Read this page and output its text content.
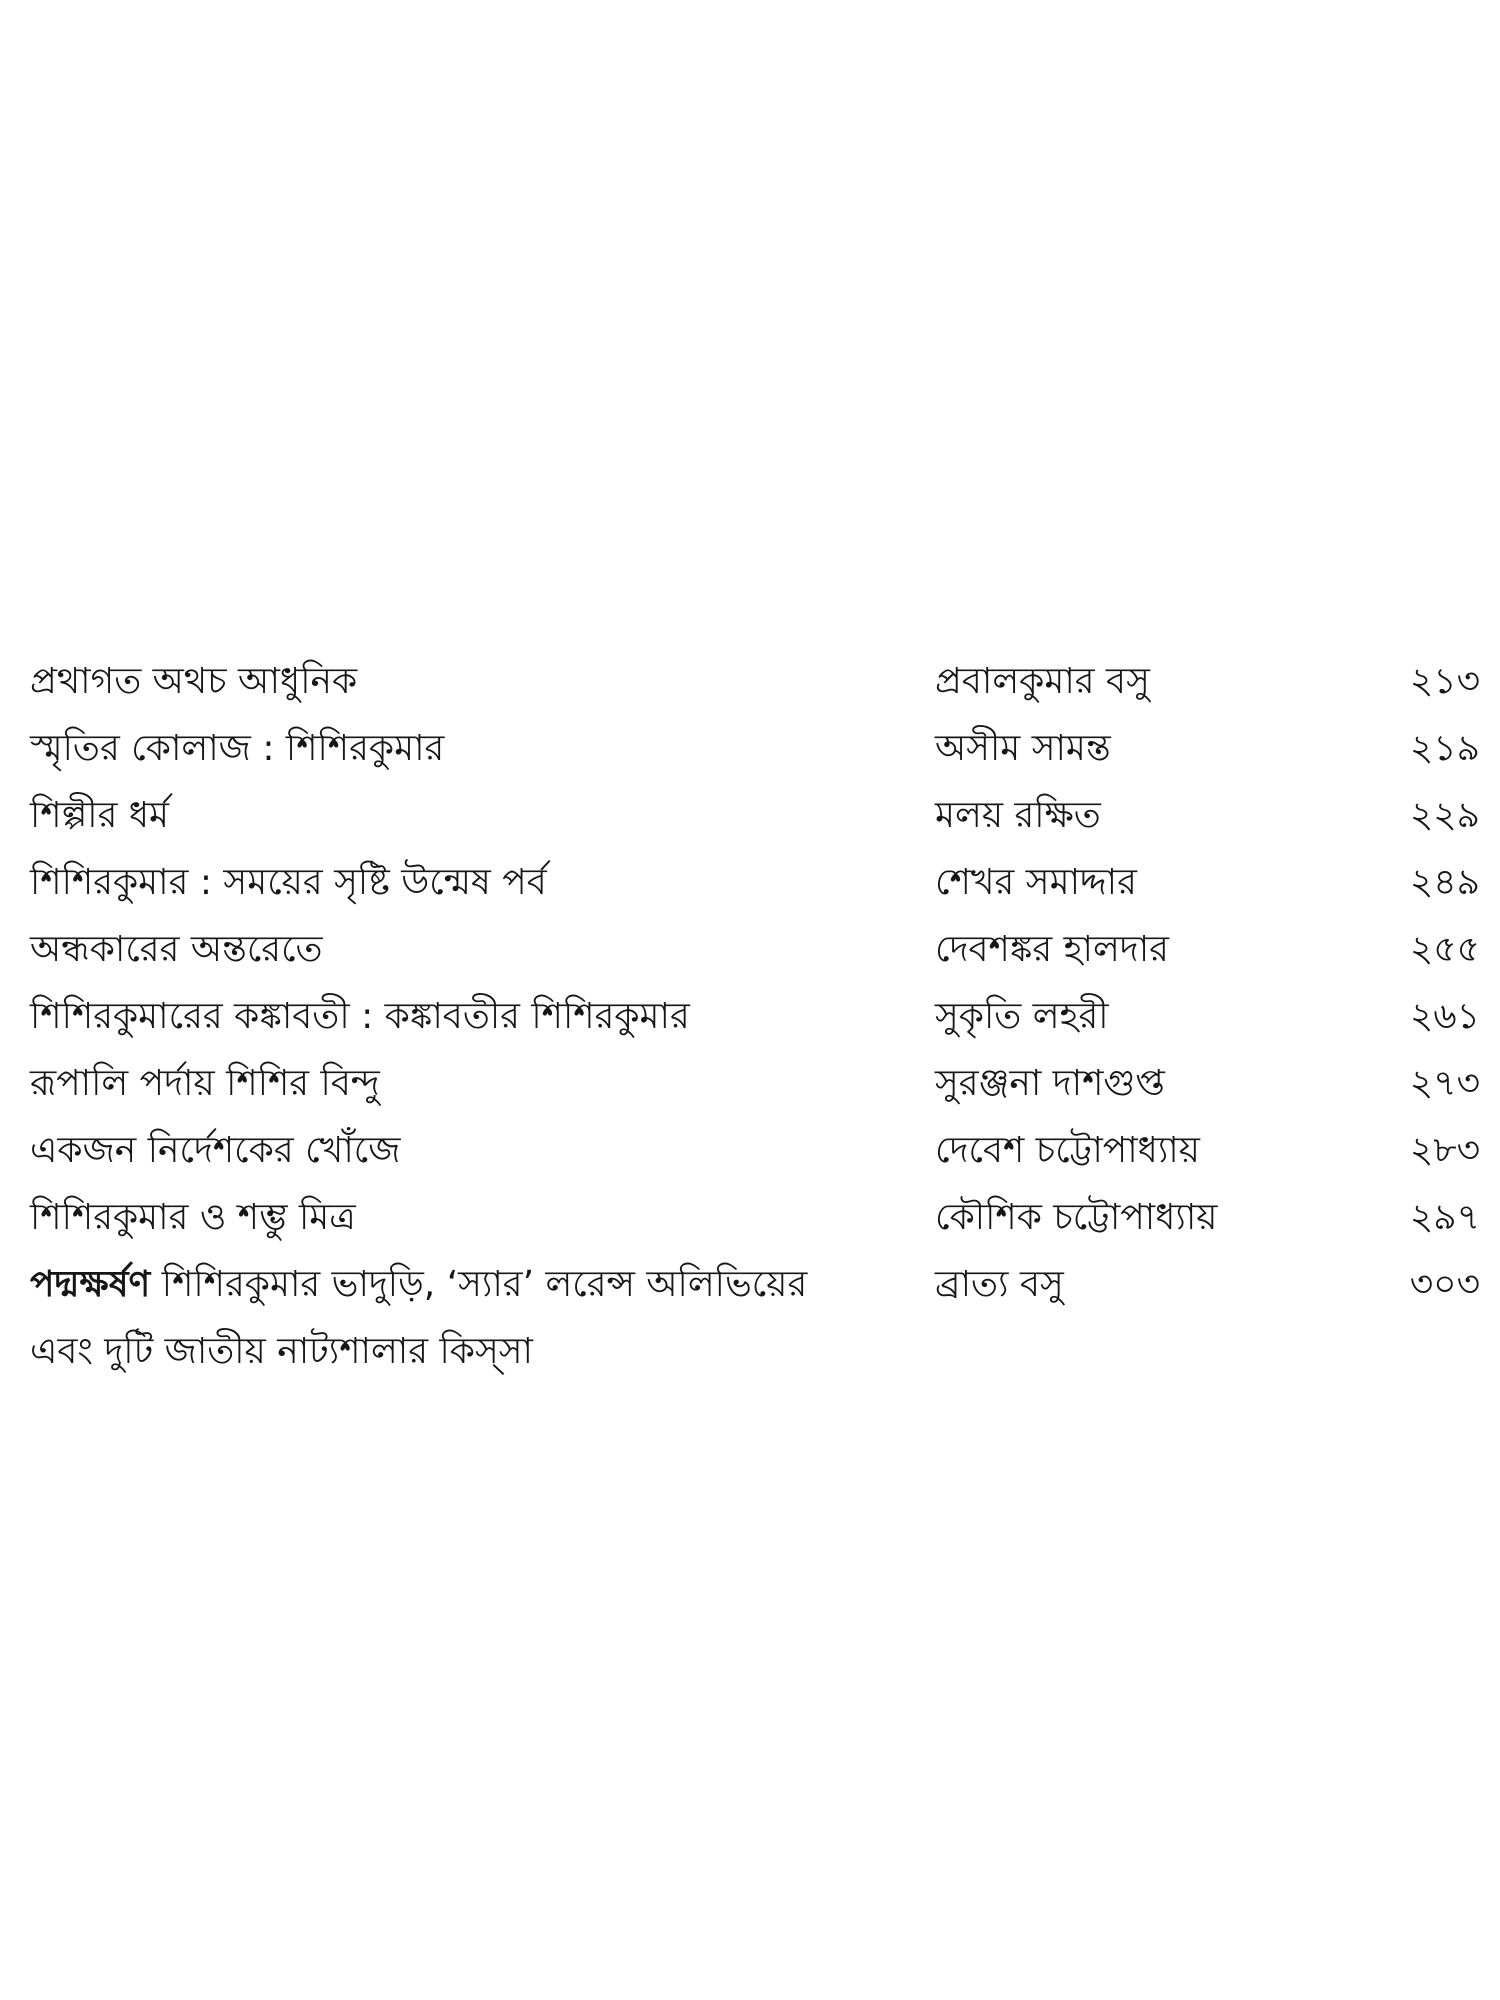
প্রথাগত অথচ আধুনিক	প্রবালকুমার বসু	২১৩
স্মৃতির কোলাজ : শিশিরকুমার	অসীম সামন্ত	২১৯
শিল্পীর ধর্ম	মলয় রক্ষিত	২২৯
শিশিরকুমার : সময়ের সৃষ্টি উন্মেষ পর্ব	শেখর সমাদ্দার	২৪৯
অন্ধকারের অন্তরেতে	দেবশঙ্কর হালদার	২৫৫
শিশিরকুমারের কঙ্কাবতী : কঙ্কাবতীর শিশিরকুমার	সুকৃতি লহরী	২৬১
রূপালি পর্দায় শিশির বিন্দু	সুরঞ্জনা দাশগুপ্ত	২৭৩
একজন নির্দেশকের খোঁজে	দেবেশ চট্টোপাধ্যায়	২৮৩
শিশিরকুমার ও শম্ভু মিত্র	কৌশিক চট্টোপাধ্যায়	২৯৭
পদ্মক্ষর্ষণ শিশিরকুমার ভাদুড়ি, ‘স্যার’ লরেন্স অলিভিয়ের	ব্রাত্য বসু	৩০৩
এবং দুটি জাতীয় নাট্যশালার কিস্‌সা
